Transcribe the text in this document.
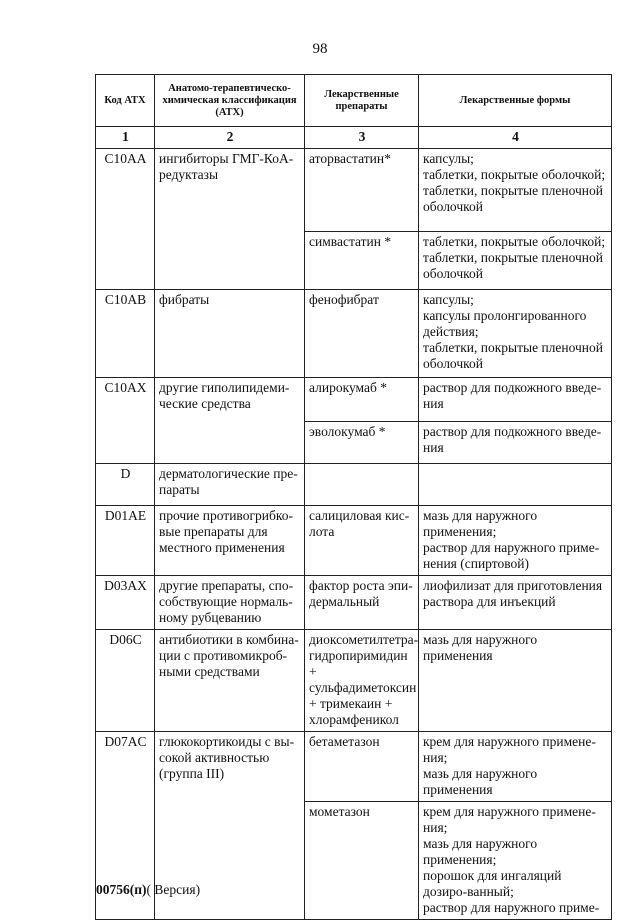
98
Код АТХ	Анатомо-терапевтическо-химическая классификация (АТХ)	Лекарственные препараты	Лекарственные формы
1	2	3	4
C10AA	ингибиторы ГМГ-КоА-редуктазы	аторвастатин*	капсулы;
таблетки, покрытые оболочкой;
таблетки, покрытые пленочной оболочкой
		симвастатин *	таблетки, покрытые оболочкой;
таблетки, покрытые пленочной оболочкой
C10AB	фибраты	фенофибрат	капсулы;
капсулы пролонгированного действия;
таблетки, покрытые пленочной оболочкой
C10AX	другие гиполипидеми-ческие средства	алирокумаб *	раствор для подкожного введе-ния
		эволокумаб *	раствор для подкожного введе-ния
D	дерматологические пре-параты		
D01AE	прочие противогрибко-вые препараты для местного применения	салициловая кис-лота	мазь для наружного применения;
раствор для наружного приме-нения (спиртовой)
D03AX	другие препараты, спо-собствующие нормаль-ному рубцеванию	фактор роста эпи-дермальный	лиофилизат для приготовления раствора для инъекций
D06C	антибиотики в комбина-ции с противомикроб-ными средствами	диоксометилтетра-гидропиримидин + сульфадиметоксин + тримекаин + хлорамфеникол	мазь для наружного применения
D07AC	глюкокортикоиды с вы-сокой активностью (группа III)	бетаметазон	крем для наружного примене-ния;
мазь для наружного применения
		мометазон	крем для наружного примене-ния;
мазь для наружного применения;
порошок для ингаляций дозиро-ванный;
раствор для наружного приме-
00756(п)( Версия)
